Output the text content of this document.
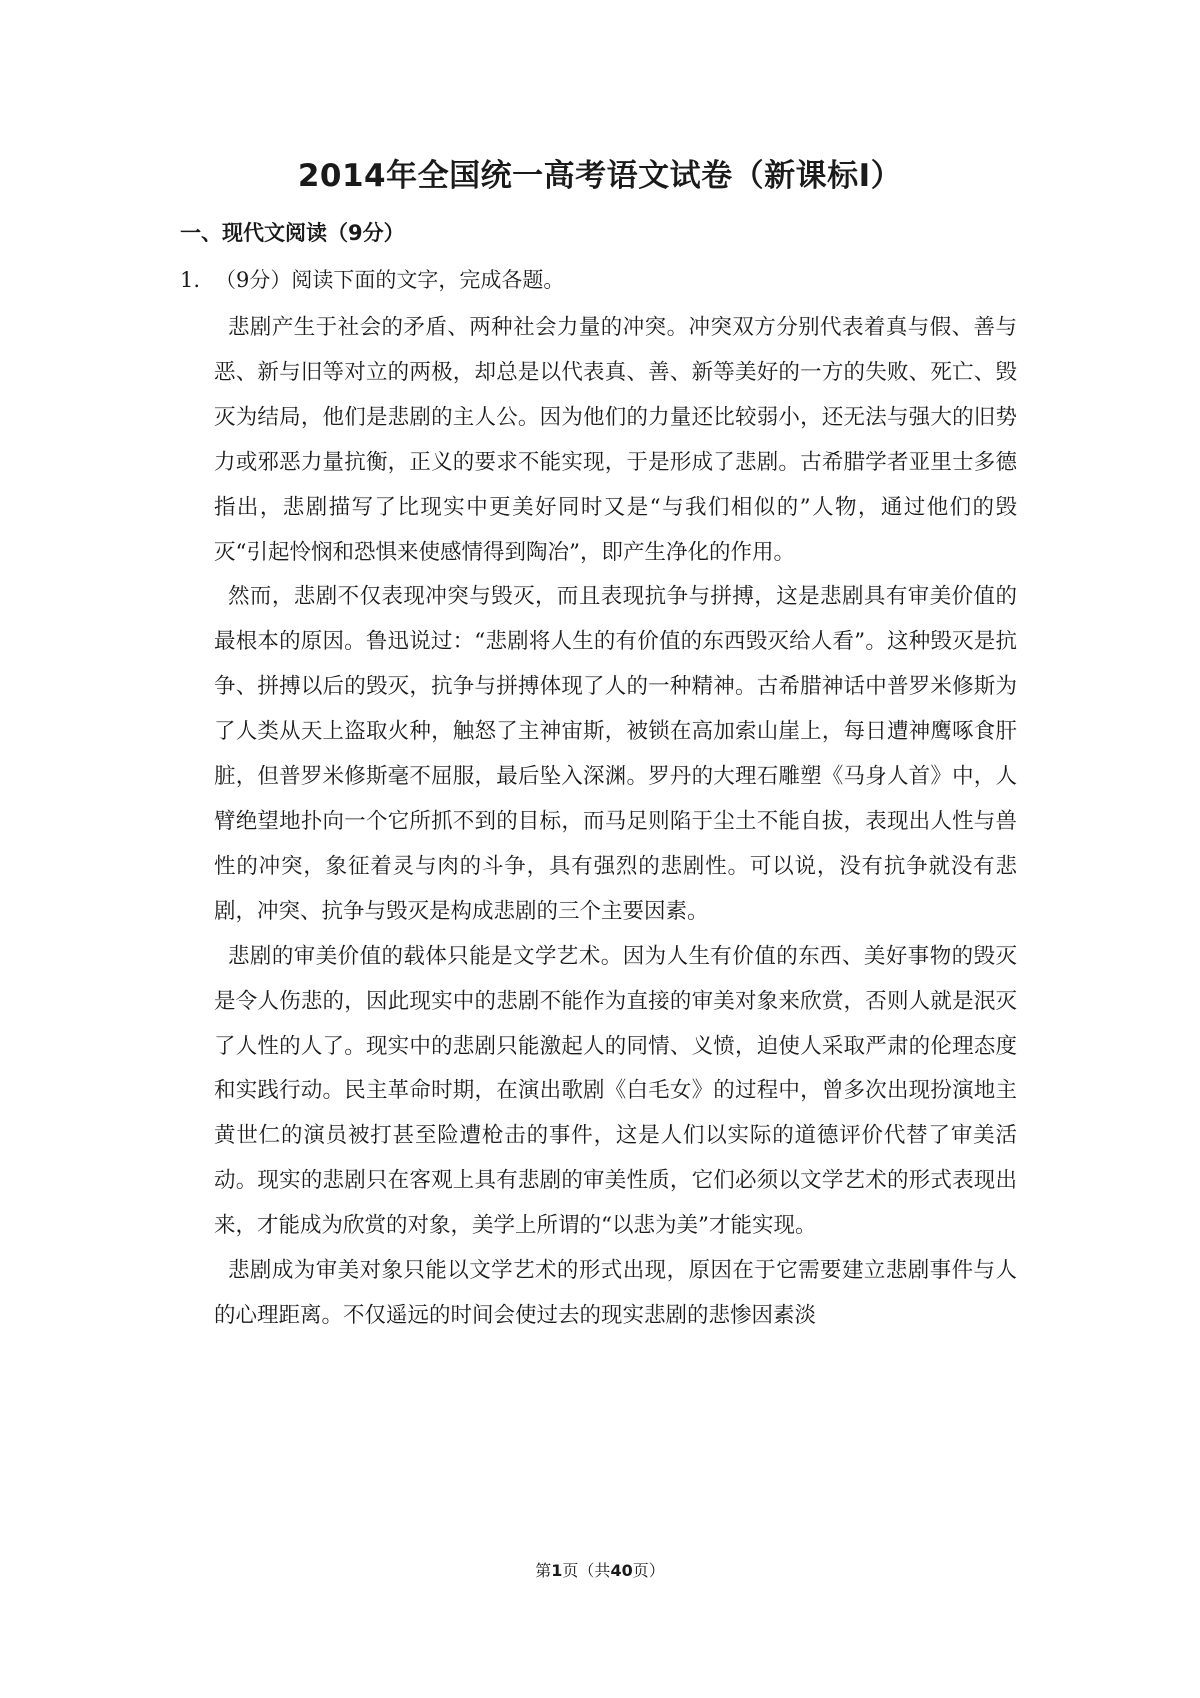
2014年全国统一高考语文试卷（新课标Ⅰ）
一、现代文阅读（9分）

1. （9分）阅读下面的文字，完成各题。

悲剧产生于社会的矛盾、两种社会力量的冲突。冲突双方分别代表着真与假、善与恶、新与旧等对立的两极，却总是以代表真、善、新等美好的一方的失败、死亡、毁灭为结局，他们是悲剧的主人公。因为他们的力量还比较弱小，还无法与强大的旧势力或邪恶力量抗衡，正义的要求不能实现，于是形成了悲剧。古希腊学者亚里士多德指出，悲剧描写了比现实中更美好同时又是“与我们相似的”人物，通过他们的毁灭“引起怜悯和恐惧来使感情得到陶冶”，即产生净化的作用。

然而，悲剧不仅表现冲突与毁灭，而且表现抗争与拼搏，这是悲剧具有审美价值的最根本的原因。鲁迅说过：“悲剧将人生的有价值的东西毁灭给人看”。这种毁灭是抗争、拼搏以后的毁灭，抗争与拼搏体现了人的一种精神。古希腊神话中普罗米修斯为了人类从天上盗取火种，触怒了主神宙斯，被锁在高加索山崖上，每日遭神鹰啄食肝脏，但普罗米修斯毫不屈服，最后坠入深渊。罗丹的大理石雕塑《马身人首》中，人臂绝望地扑向一个它所抓不到的目标，而马足则陷于尘土不能自拔，表现出人性与兽性的冲突，象征着灵与肉的斗争，具有强烈的悲剧性。可以说，没有抗争就没有悲剧，冲突、抗争与毁灭是构成悲剧的三个主要因素。

悲剧的审美价值的载体只能是文学艺术。因为人生有价值的东西、美好事物的毁灭是令人伤悲的，因此现实中的悲剧不能作为直接的审美对象来欣赏，否则人就是泯灭了人性的人了。现实中的悲剧只能激起人的同情、义愤，迫使人采取严肃的伦理态度和实践行动。民主革命时期，在演出歌剧《白毛女》的过程中，曾多次出现扮演地主黄世仁的演员被打甚至险遭枪击的事件，这是人们以实际的道德评价代替了审美活动。现实的悲剧只在客观上具有悲剧的审美性质，它们必须以文学艺术的形式表现出来，才能成为欣赏的对象，美学上所谓的“以悲为美”才能实现。

悲剧成为审美对象只能以文学艺术的形式出现，原因在于它需要建立悲剧事件与人的心理距离。不仅遥远的时间会使过去的现实悲剧的悲惨因素淡

第1页（共40页）
